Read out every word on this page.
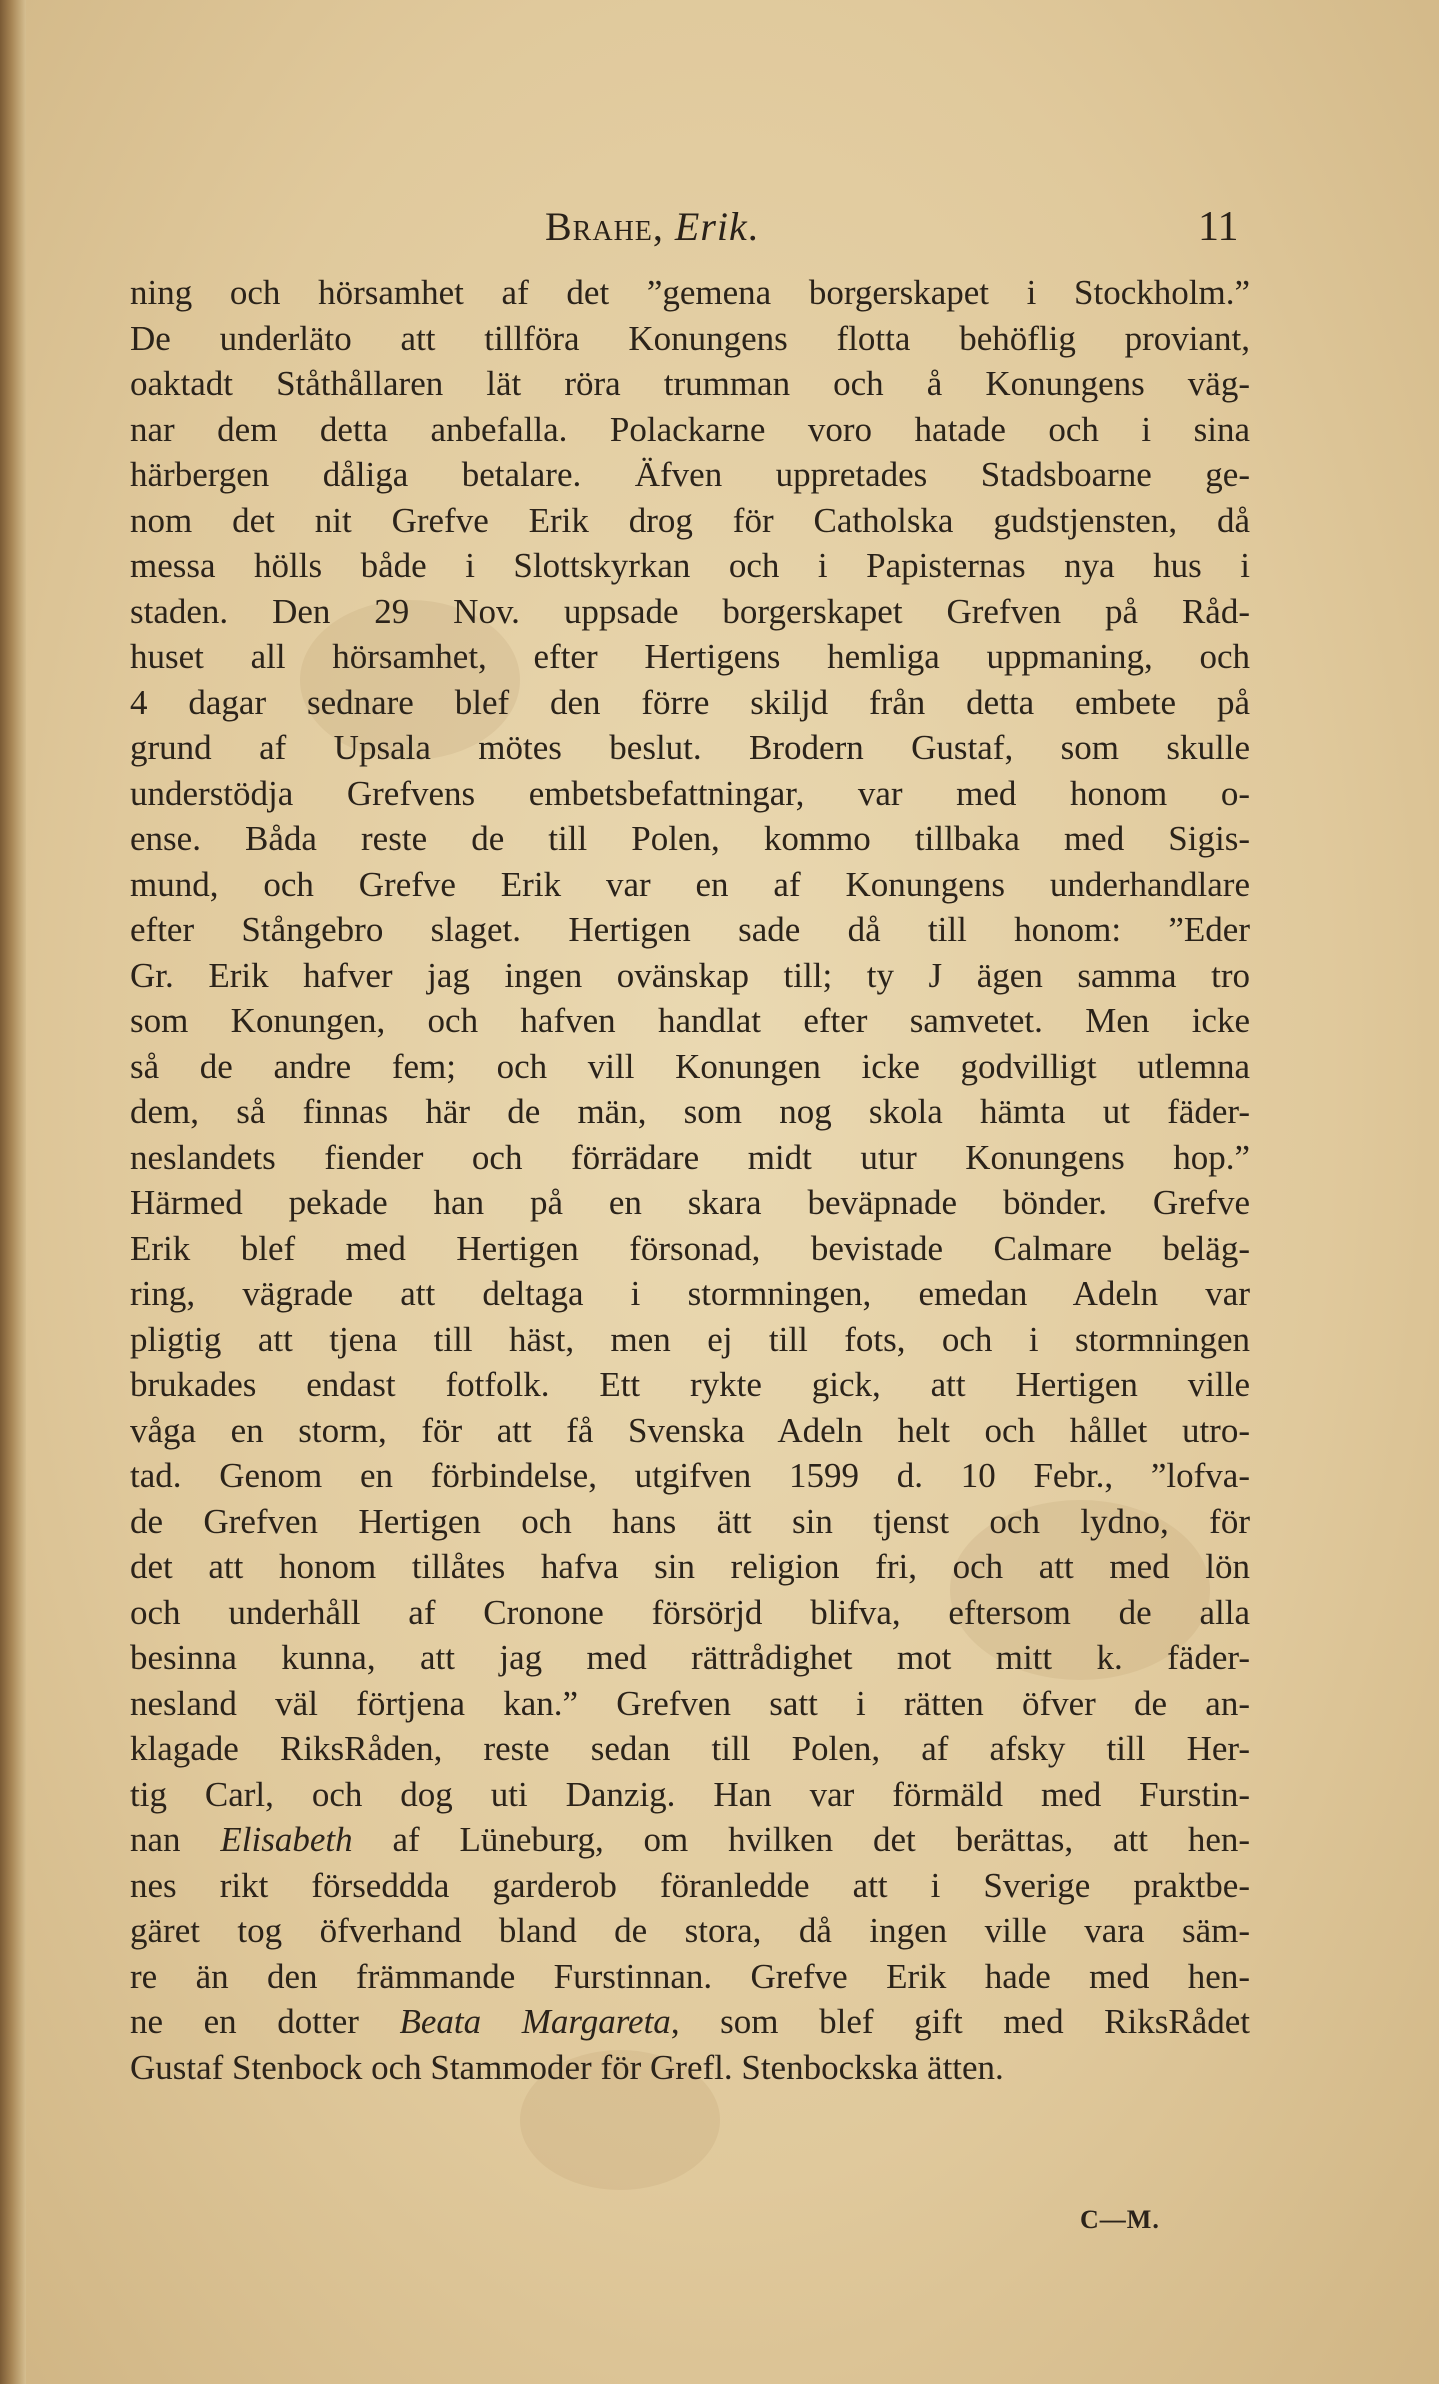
Brahe, Erik.	11
ning och hörsamhet af det ”gemena borgerskapet i Stockholm.”
De underläto att tillföra Konungens flotta behöflig proviant,
oaktadt Ståthållaren lät röra trumman och å Konungens väg-
nar dem detta anbefalla. Polackarne voro hatade och i sina
härbergen dåliga betalare. Äfven uppretades Stadsboarne ge-
nom det nit Grefve Erik drog för Catholska gudstjensten, då
messa hölls både i Slottskyrkan och i Papisternas nya hus i
staden. Den 29 Nov. uppsade borgerskapet Grefven på Råd-
huset all hörsamhet, efter Hertigens hemliga uppmaning, och
4 dagar sednare blef den förre skiljd från detta embete på
grund af Upsala mötes beslut. Brodern Gustaf, som skulle
understödja Grefvens embetsbefattningar, var med honom o-
ense. Båda reste de till Polen, kommo tillbaka med Sigis-
mund, och Grefve Erik var en af Konungens underhandlare
efter Stångebro slaget. Hertigen sade då till honom: ”Eder
Gr. Erik hafver jag ingen ovänskap till; ty J ägen samma tro
som Konungen, och hafven handlat efter samvetet. Men icke
så de andre fem; och vill Konungen icke godvilligt utlemna
dem, så finnas här de män, som nog skola hämta ut fäder-
neslandets fiender och förrädare midt utur Konungens hop.”
Härmed pekade han på en skara beväpnade bönder. Grefve
Erik blef med Hertigen försonad, bevistade Calmare beläg-
ring, vägrade att deltaga i stormningen, emedan Adeln var
pligtig att tjena till häst, men ej till fots, och i stormningen
brukades endast fotfolk. Ett rykte gick, att Hertigen ville
våga en storm, för att få Svenska Adeln helt och hållet utro-
tad. Genom en förbindelse, utgifven 1599 d. 10 Febr., ”lofva-
de Grefven Hertigen och hans ätt sin tjenst och lydno, för
det att honom tillåtes hafva sin religion fri, och att med lön
och underhåll af Cronone försörjd blifva, eftersom de alla
besinna kunna, att jag med rättrådighet mot mitt k. fäder-
nesland väl förtjena kan.” Grefven satt i rätten öfver de an-
klagade RiksRåden, reste sedan till Polen, af afsky till Her-
tig Carl, och dog uti Danzig. Han var förmäld med Furstin-
nan Elisabeth af Lüneburg, om hvilken det berättas, att hen-
nes rikt förseddda garderob föranledde att i Sverige praktbe-
gäret tog öfverhand bland de stora, då ingen ville vara säm-
re än den främmande Furstinnan. Grefve Erik hade med hen-
ne en dotter Beata Margareta, som blef gift med RiksRådet
Gustaf Stenbock och Stammoder för Grefl. Stenbockska ätten.
C—M.
